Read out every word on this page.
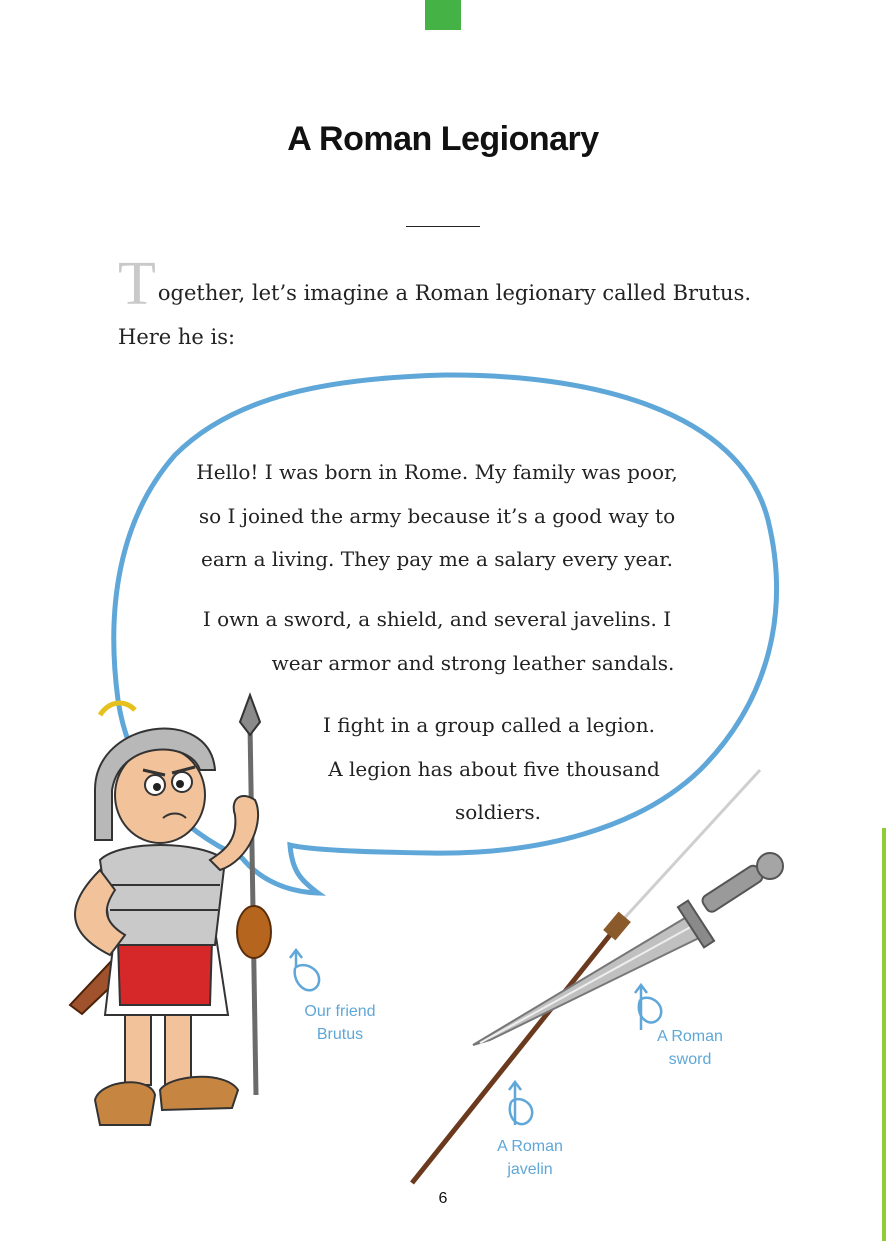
A Roman Legionary
Together, let’s imagine a Roman legionary called Brutus.
Here he is:
Hello! I was born in Rome. My family was poor,
so I joined the army because it’s a good way to
earn a living. They pay me a salary every year.
I own a sword, a shield, and several javelins. I
wear armor and strong leather sandals.
I fight in a group called a legion.
A legion has about five thousand
soldiers.
Our friend
Brutus	A Roman
sword
A Roman
javelin
6
